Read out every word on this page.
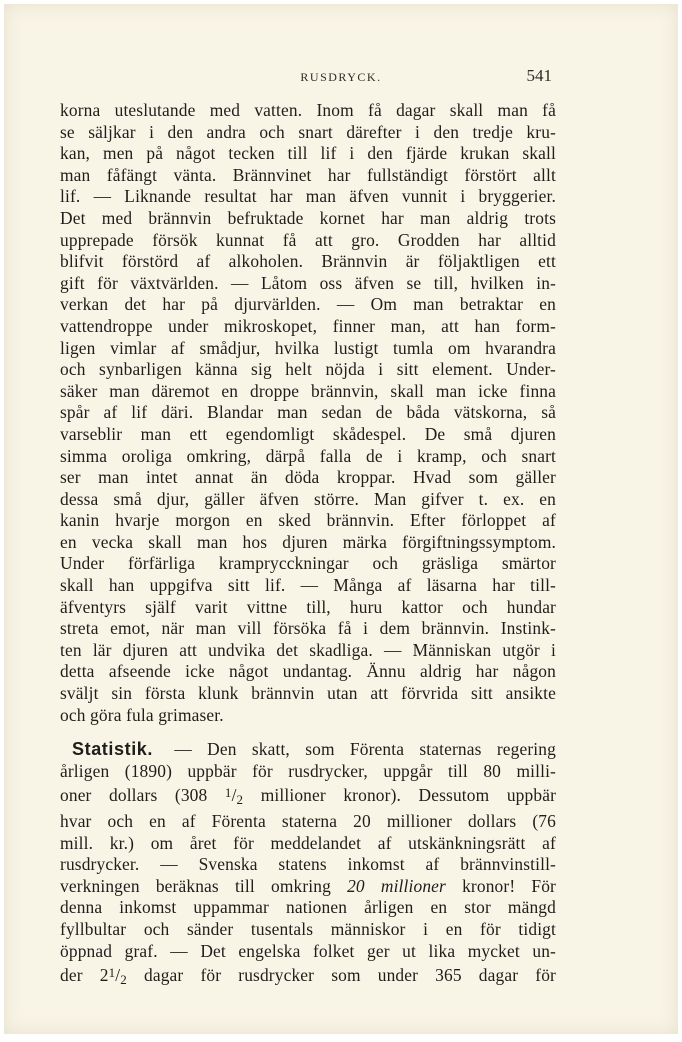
RUSDRYCK.	541
korna uteslutande med vatten. Inom få dagar skall man få
se säljkar i den andra och snart därefter i den tredje kru-
kan, men på något tecken till lif i den fjärde krukan skall
man fåfängt vänta. Brännvinet har fullständigt förstört allt
lif. — Liknande resultat har man äfven vunnit i bryggerier.
Det med brännvin befruktade kornet har man aldrig trots
upprepade försök kunnat få att gro. Grodden har alltid
blifvit förstörd af alkoholen. Brännvin är följaktligen ett
gift för växtvärlden. — Låtom oss äfven se till, hvilken in-
verkan det har på djurvärlden. — Om man betraktar en
vattendroppe under mikroskopet, finner man, att han form-
ligen vimlar af smådjur, hvilka lustigt tumla om hvarandra
och synbarligen känna sig helt nöjda i sitt element. Under-
säker man däremot en droppe brännvin, skall man icke finna
spår af lif däri. Blandar man sedan de båda vätskorna, så
varseblir man ett egendomligt skådespel. De små djuren
simma oroliga omkring, därpå falla de i kramp, och snart
ser man intet annat än döda kroppar. Hvad som gäller
dessa små djur, gäller äfven större. Man gifver t. ex. en
kanin hvarje morgon en sked brännvin. Efter förloppet af
en vecka skall man hos djuren märka förgiftningssymptom.
Under förfärliga kramprycckningar och gräsliga smärtor
skall han uppgifva sitt lif. — Många af läsarna har till-
äfventyrs själf varit vittne till, huru kattor och hundar
streta emot, när man vill försöka få i dem brännvin. Instink-
ten lär djuren att undvika det skadliga. — Människan utgör i
detta afseende icke något undantag. Ännu aldrig har någon
sväljt sin första klunk brännvin utan att förvrida sitt ansikte
och göra fula grimaser.
Statistik. — Den skatt, som Förenta staternas regering
årligen (1890) uppbär för rusdrycker, uppgår till 80 milli-
oner dollars (308 $^1$/2 millioner kronor). Dessutom uppbär
hvar och en af Förenta staterna 20 millioner dollars (76
mill. kr.) om året för meddelandet af utskänkningsrätt af
rusdrycker. — Svenska statens inkomst af brännvinstill-
verkningen beräknas till omkring 20 millioner kronor! För
denna inkomst uppammar nationen årligen en stor mängd
fyllbultar och sänder tusentals människor i en för tidigt
öppnad graf. — Det engelska folket ger ut lika mycket un-
der $2^1/2$ dagar för rusdrycker som under 365 dagar för
